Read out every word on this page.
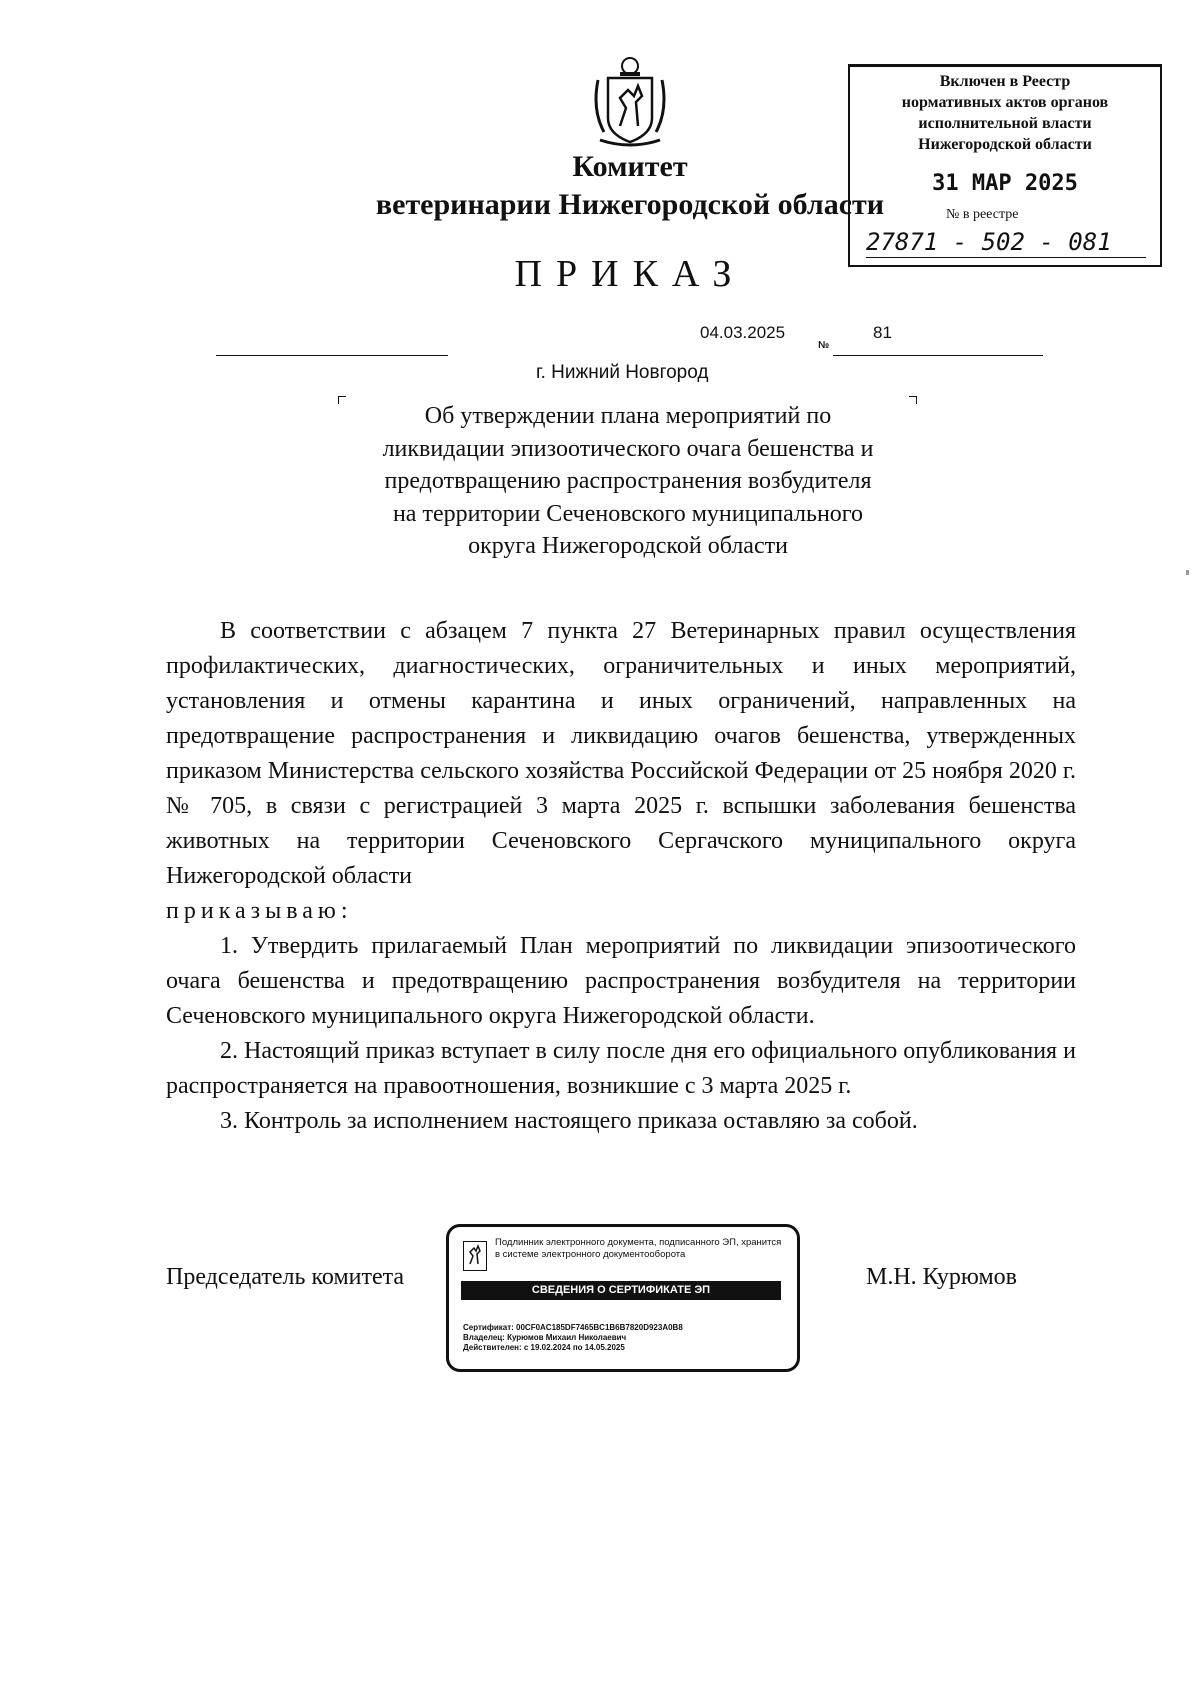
Комитет
ветеринарии Нижегородской области
ПРИКАЗ
Включен в Реестр
нормативных актов органов
исполнительной власти
Нижегородской области
31 МАР 2025
№ в реестре
27871 - 502 - 081
04.03.2025
№
81
г. Нижний Новгород
Об утверждении плана мероприятий по
ликвидации эпизоотического очага бешенства и
предотвращению распространения возбудителя
на территории Сеченовского муниципального
округа Нижегородской области

В соответствии с абзацем 7 пункта 27 Ветеринарных правил осуществления профилактических, диагностических, ограничительных и иных мероприятий, установления и отмены карантина и иных ограничений, направленных на предотвращение распространения и ликвидацию очагов бешенства, утвержденных приказом Министерства сельского хозяйства Российской Федерации от 25 ноября 2020 г. № 705, в связи с регистрацией 3 марта 2025 г. вспышки заболевания бешенства животных на территории Сеченовского Сергачского муниципального округа Нижегородской области

приказываю:

1. Утвердить прилагаемый План мероприятий по ликвидации эпизоотического очага бешенства и предотвращению распространения возбудителя на территории Сеченовского муниципального округа Нижегородской области.

2. Настоящий приказ вступает в силу после дня его официального опубликования и распространяется на правоотношения, возникшие с 3 марта 2025 г.

3. Контроль за исполнением настоящего приказа оставляю за собой.

Председатель комитета	М.Н. Курюмов
Подлинник электронного документа, подписанного ЭП, хранится в системе электронного документооборота
СВЕДЕНИЯ О СЕРТИФИКАТЕ ЭП
Сертификат: 00CF0AC185DF7465BC1B6B7820D923A0B8
Владелец: Курюмов Михаил Николаевич
Действителен: с 19.02.2024 по 14.05.2025
